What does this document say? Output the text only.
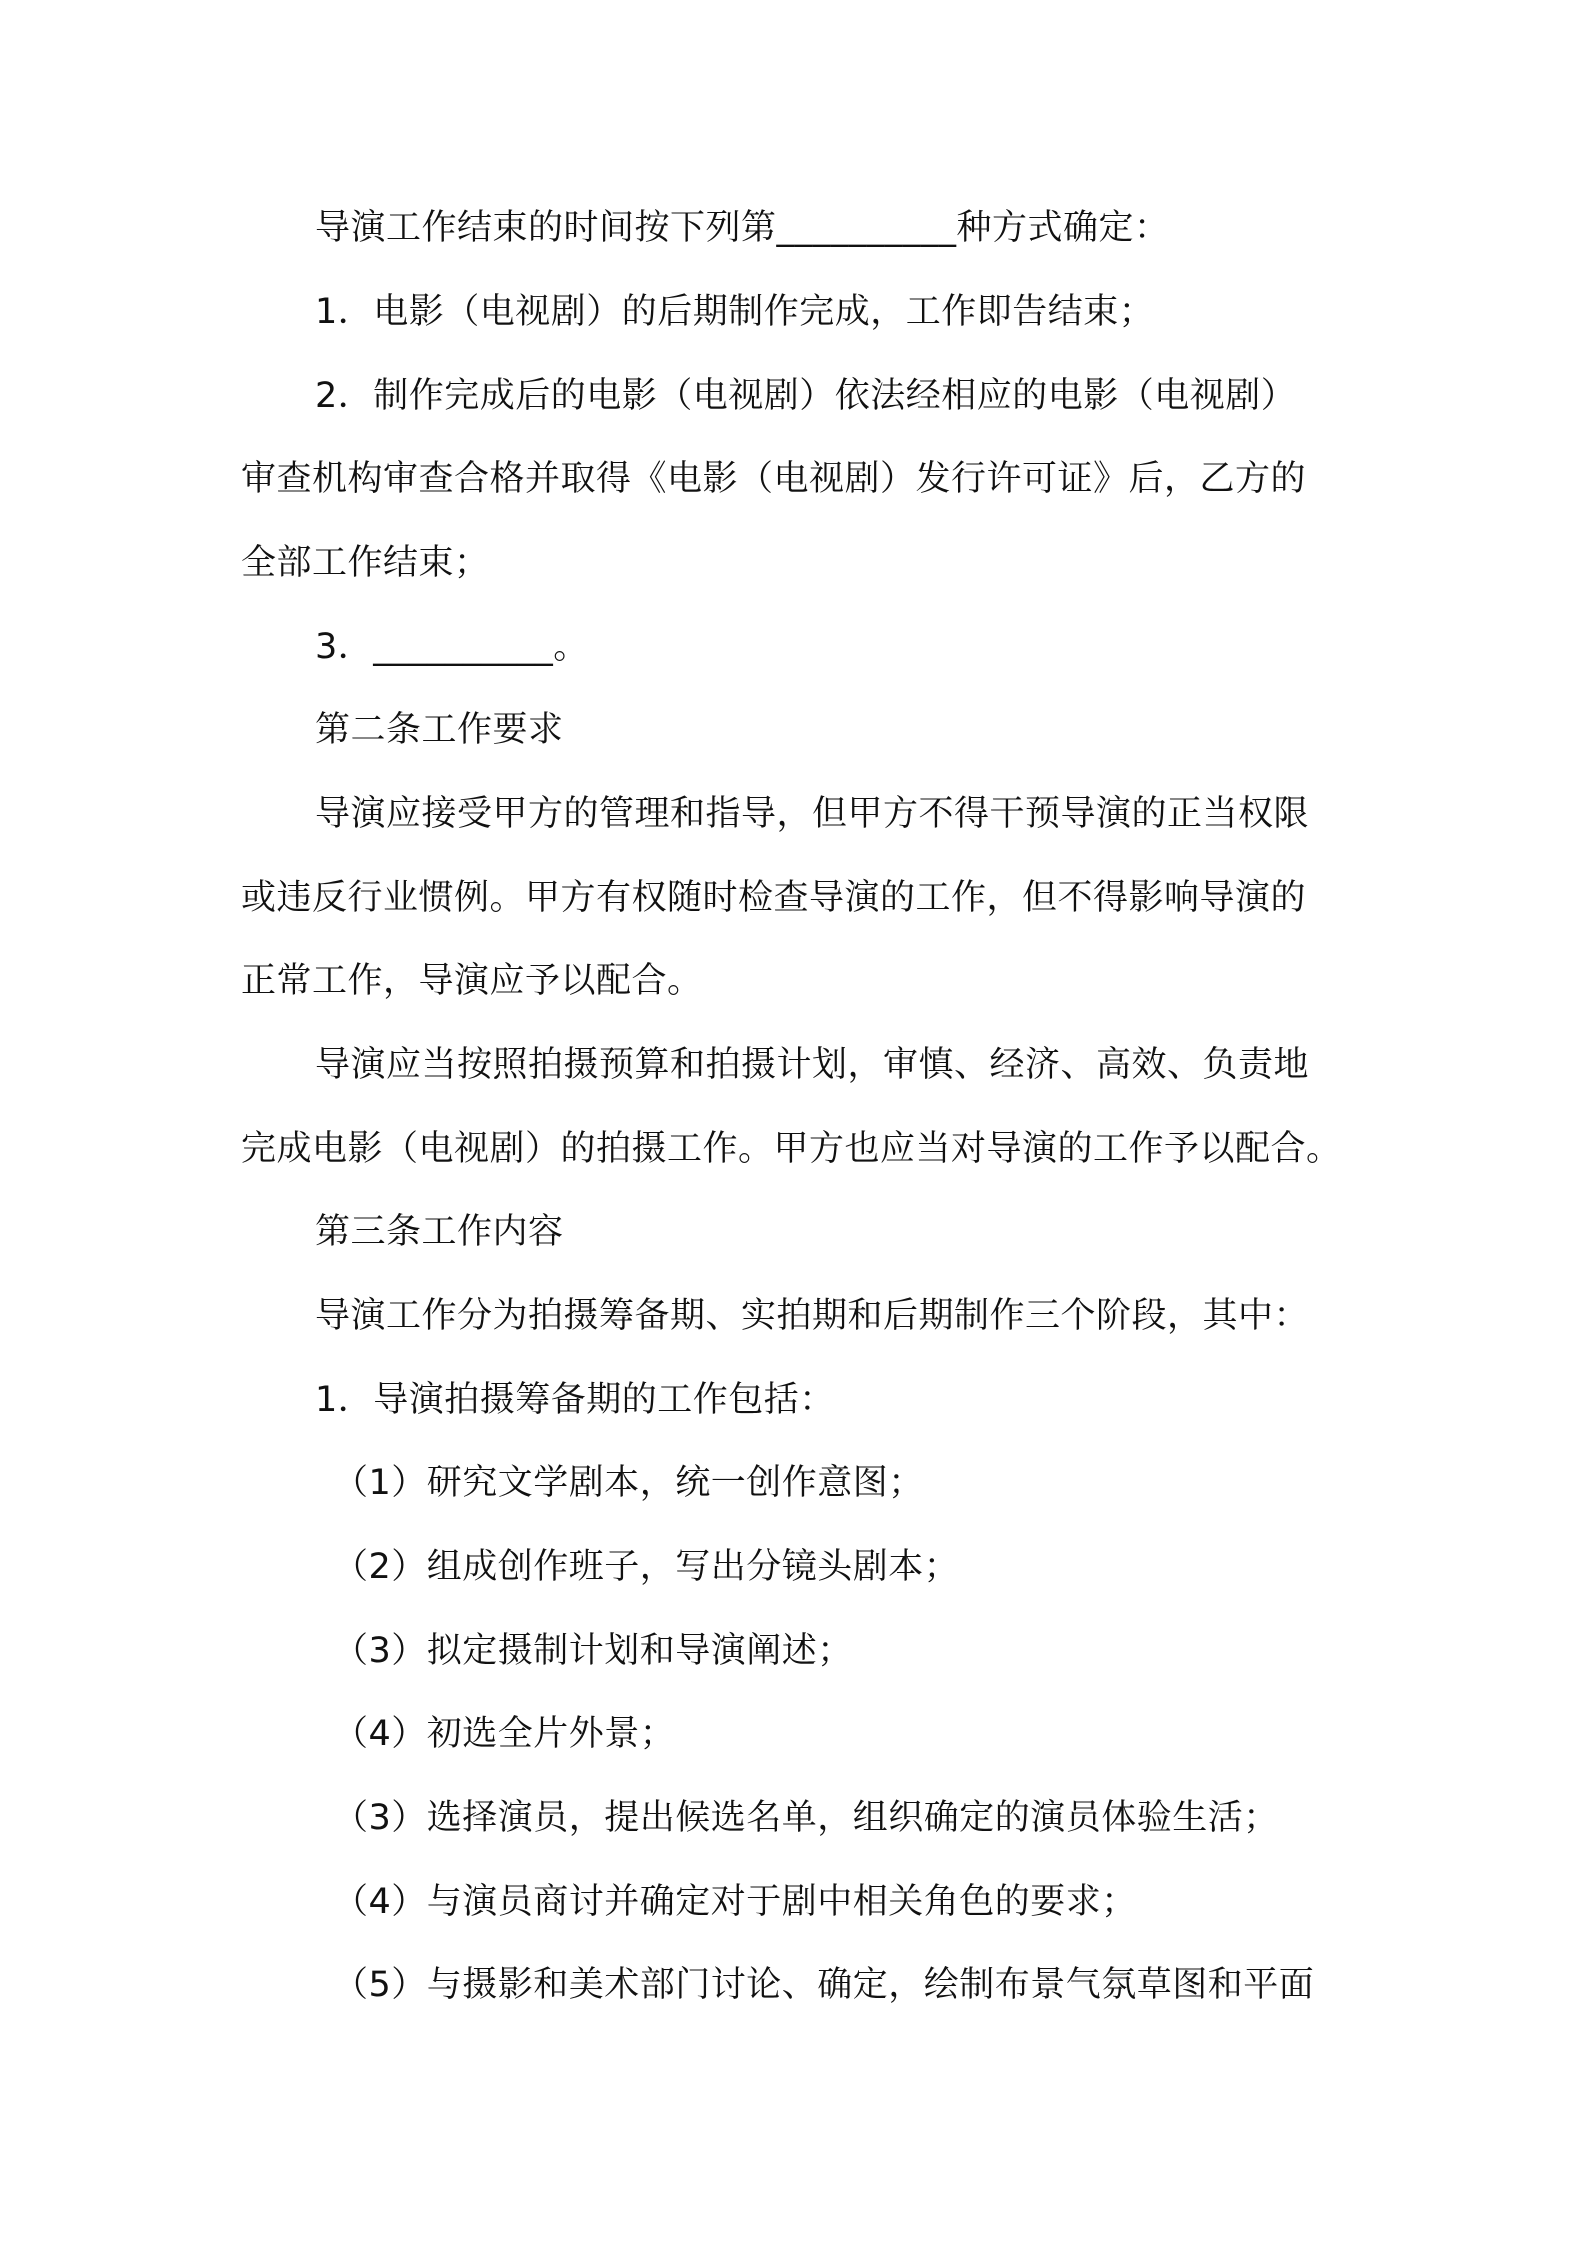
导演工作结束的时间按下列第__________种方式确定：
1．电影（电视剧）的后期制作完成，工作即告结束；
2．制作完成后的电影（电视剧）依法经相应的电影（电视剧）
审查机构审查合格并取得《电影（电视剧）发行许可证》后，乙方的
全部工作结束；
3．__________。
第二条工作要求
导演应接受甲方的管理和指导，但甲方不得干预导演的正当权限
或违反行业惯例。甲方有权随时检查导演的工作，但不得影响导演的
正常工作，导演应予以配合。
导演应当按照拍摄预算和拍摄计划，审慎、经济、高效、负责地
完成电影（电视剧）的拍摄工作。甲方也应当对导演的工作予以配合。
第三条工作内容
导演工作分为拍摄筹备期、实拍期和后期制作三个阶段，其中：
1．导演拍摄筹备期的工作包括：
（1）研究文学剧本，统一创作意图；
（2）组成创作班子，写出分镜头剧本；
（3）拟定摄制计划和导演阐述；
（4）初选全片外景；
（3）选择演员，提出候选名单，组织确定的演员体验生活；
（4）与演员商讨并确定对于剧中相关角色的要求；
（5）与摄影和美术部门讨论、确定，绘制布景气氛草图和平面
